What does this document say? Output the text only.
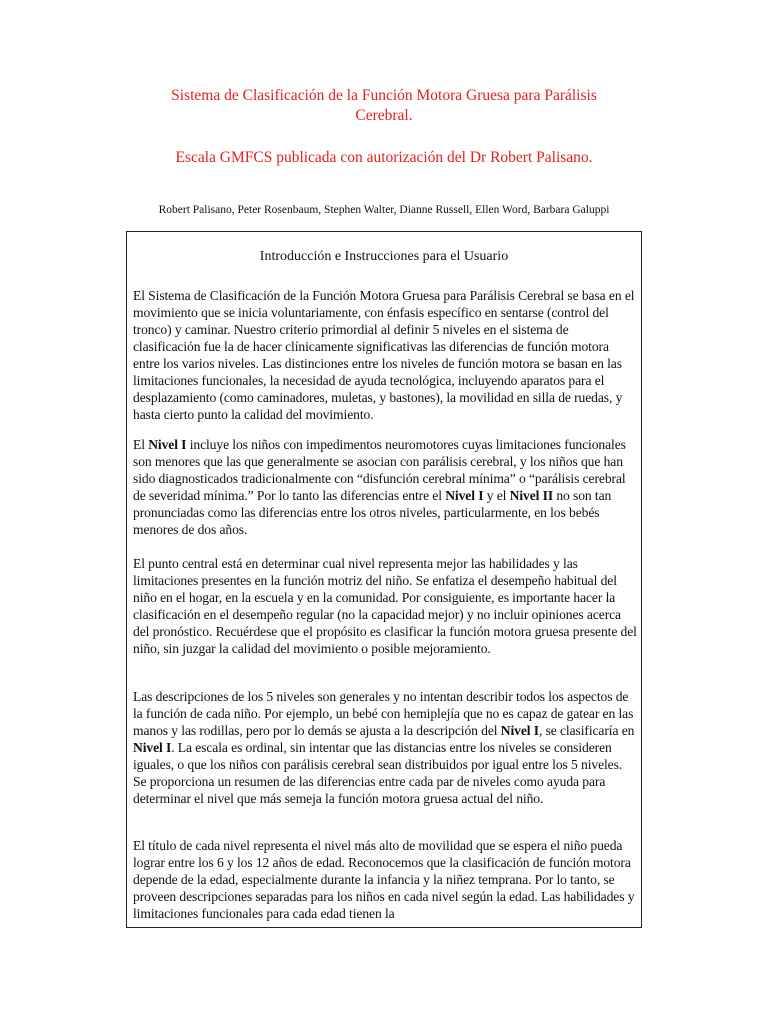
Sistema de Clasificación de la Función Motora Gruesa para Parálisis Cerebral.
Escala GMFCS publicada con autorización del Dr Robert Palisano.
Robert Palisano, Peter Rosenbaum, Stephen Walter, Dianne Russell, Ellen Word, Barbara Galuppi
Introducción e Instrucciones para el Usuario

El Sistema de Clasificación de la Función Motora Gruesa para Parálisis Cerebral se basa en el movimiento que se inicia voluntariamente, con énfasis específico en sentarse (control del tronco) y caminar. Nuestro criterio primordial al definir 5 niveles en el sistema de clasificación fue la de hacer clínicamente significativas las diferencias de función motora entre los varios niveles. Las distinciones entre los niveles de función motora se basan en las limitaciones funcionales, la necesidad de ayuda tecnológica, incluyendo aparatos para el desplazamiento (como caminadores, muletas, y bastones), la movilidad en silla de ruedas, y hasta cierto punto la calidad del movimiento.

El Nivel I incluye los niños con impedimentos neuromotores cuyas limitaciones funcionales son menores que las que generalmente se asocian con parálisis cerebral, y los niños que han sido diagnosticados tradicionalmente con “disfunción cerebral mínima” o “parálisis cerebral de severidad mínima.” Por lo tanto las diferencias entre el Nivel I y el Nivel II no son tan pronunciadas como las diferencias entre los otros niveles, particularmente, en los bebés menores de dos años.

El punto central está en determinar cual nivel representa mejor las habilidades y las limitaciones presentes en la función motriz del niño. Se enfatiza el desempeño habitual del niño en el hogar, en la escuela y en la comunidad. Por consiguiente, es importante hacer la clasificación en el desempeño regular (no la capacidad mejor) y no incluir opiniones acerca del pronóstico. Recuérdese que el propósito es clasificar la función motora gruesa presente del niño, sin juzgar la calidad del movimiento o posible mejoramiento.

Las descripciones de los 5 niveles son generales y no intentan describir todos los aspectos de la función de cada niño. Por ejemplo, un bebé con hemiplejía que no es capaz de gatear en las manos y las rodillas, pero por lo demás se ajusta a la descripción del Nivel I, se clasificaría en Nivel I. La escala es ordinal, sin intentar que las distancias entre los niveles se consideren iguales, o que los niños con parálisis cerebral sean distribuidos por igual entre los 5 niveles. Se proporciona un resumen de las diferencias entre cada par de niveles como ayuda para determinar el nivel que más semeja la función motora gruesa actual del niño.

El título de cada nivel representa el nivel más alto de movilidad que se espera el niño pueda lograr entre los 6 y los 12 años de edad. Reconocemos que la clasificación de función motora depende de la edad, especialmente durante la infancia y la niñez temprana. Por lo tanto, se proveen descripciones separadas para los niños en cada nivel según la edad. Las habilidades y limitaciones funcionales para cada edad tienen la
